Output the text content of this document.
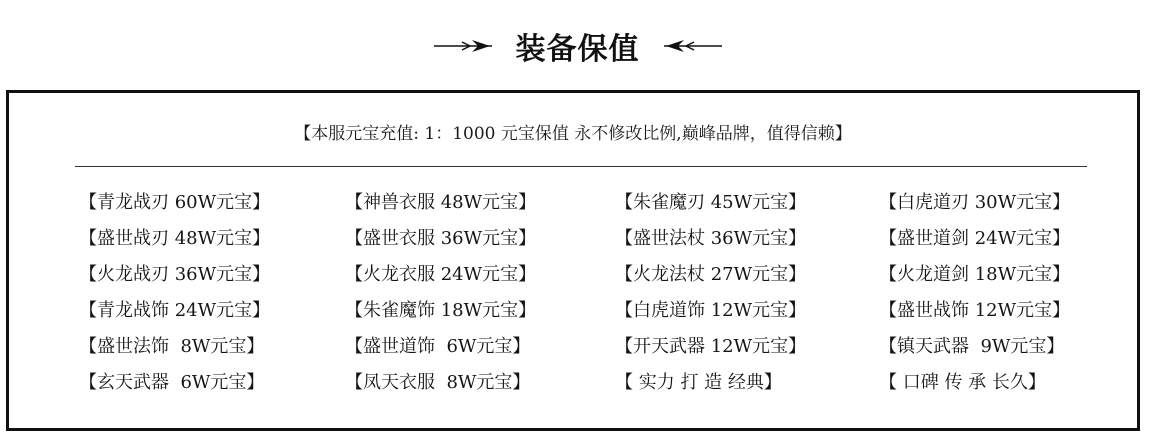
装备保值
【本服元宝充值: 1：1000 元宝保值 永不修改比例,巅峰品牌，值得信赖】
【青龙战刃 60W元宝】	【神兽衣服 48W元宝】	【朱雀魔刃 45W元宝】	【白虎道刃 30W元宝】
【盛世战刃 48W元宝】	【盛世衣服 36W元宝】	【盛世法杖 36W元宝】	【盛世道剑 24W元宝】
【火龙战刃 36W元宝】	【火龙衣服 24W元宝】	【火龙法杖 27W元宝】	【火龙道剑 18W元宝】
【青龙战饰 24W元宝】	【朱雀魔饰 18W元宝】	【白虎道饰 12W元宝】	【盛世战饰 12W元宝】
【盛世法饰  8W元宝】	【盛世道饰  6W元宝】	【开天武器 12W元宝】	【镇天武器  9W元宝】
【玄天武器  6W元宝】	【凤天衣服  8W元宝】	【 实力 打 造 经典】	【 口碑 传 承 长久】
